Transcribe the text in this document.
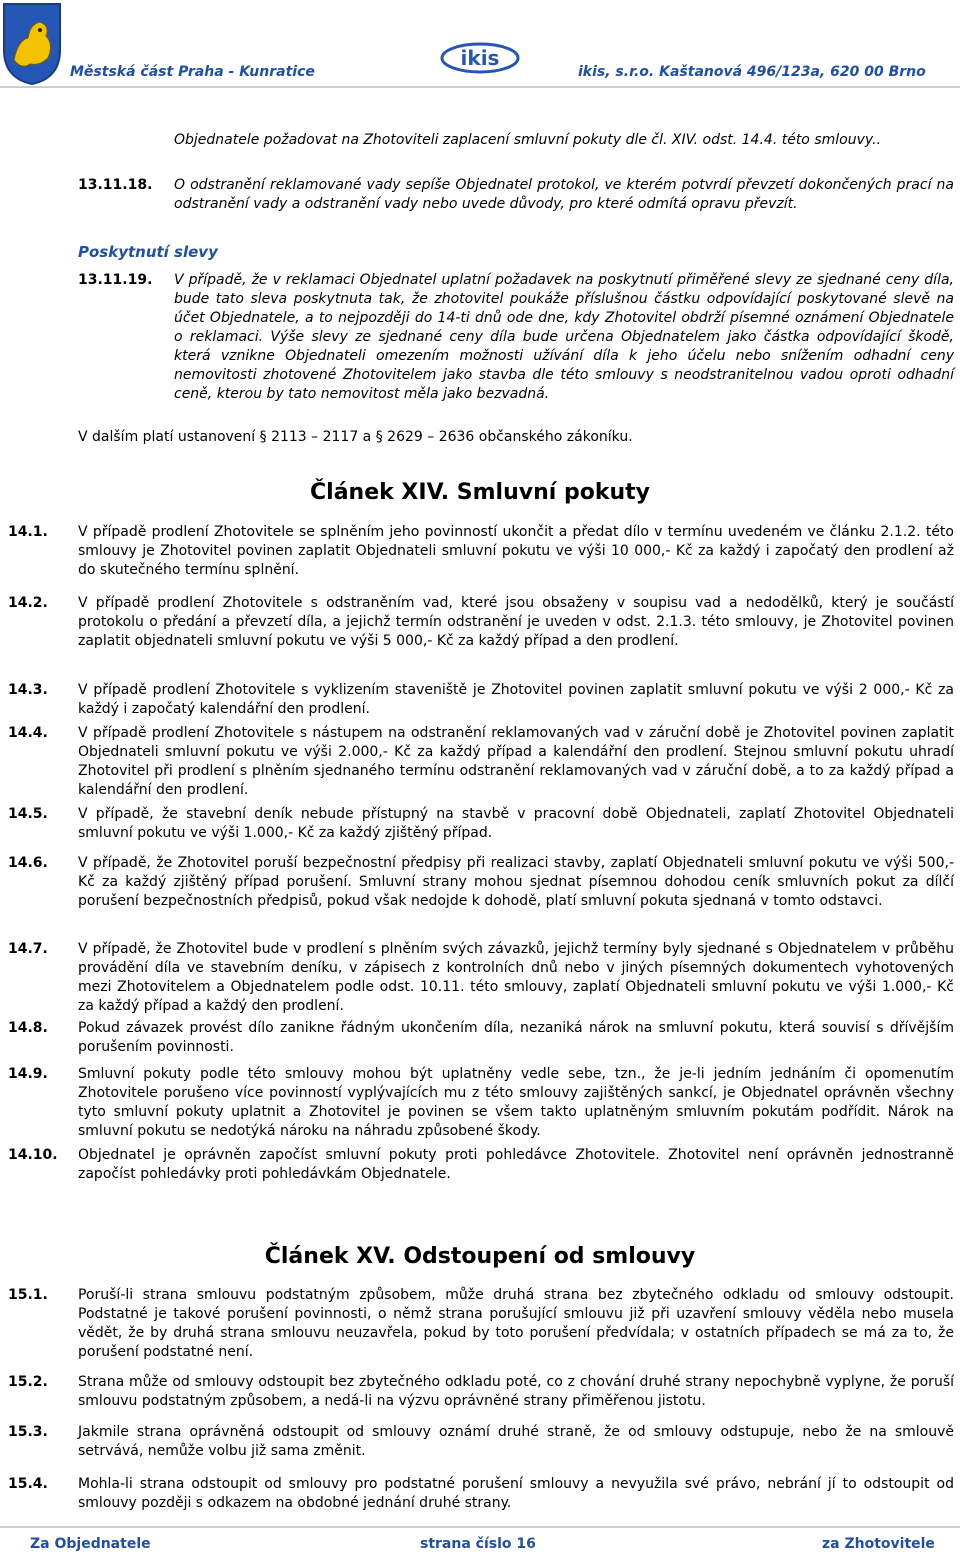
Městská část Praha - Kunratice
ikis
ikis, s.r.o. Kaštanová 496/123a, 620 00 Brno
Objednatele požadovat na Zhotoviteli zaplacení smluvní pokuty dle čl. XIV. odst. 14.4. této smlouvy..
13.11.18. O odstranění reklamované vady sepíše Objednatel protokol, ve kterém potvrdí převzetí dokončených prací na odstranění vady a odstranění vady nebo uvede důvody, pro které odmítá opravu převzít.
Poskytnutí slevy
13.11.19. V případě, že v reklamaci Objednatel uplatní požadavek na poskytnutí přiměřené slevy ze sjednané ceny díla, bude tato sleva poskytnuta tak, že zhotovitel poukáže příslušnou částku odpovídající poskytované slevě na účet Objednatele, a to nejpozději do 14-ti dnů ode dne, kdy Zhotovitel obdrží písemné oznámení Objednatele o reklamaci. Výše slevy ze sjednané ceny díla bude určena Objednatelem jako částka odpovídající škodě, která vznikne Objednateli omezením možnosti užívání díla k jeho účelu nebo snížením odhadní ceny nemovitosti zhotovené Zhotovitelem jako stavba dle této smlouvy s neodstranitelnou vadou oproti odhadní ceně, kterou by tato nemovitost měla jako bezvadná.
V dalším platí ustanovení § 2113 – 2117 a § 2629 – 2636 občanského zákoníku.
Článek XIV. Smluvní pokuty
14.1. V případě prodlení Zhotovitele se splněním jeho povinností ukončit a předat dílo v termínu uvedeném ve článku 2.1.2. této smlouvy je Zhotovitel povinen zaplatit Objednateli smluvní pokutu ve výši 10 000,- Kč za každý i započatý den prodlení až do skutečného termínu splnění.
14.2. V případě prodlení Zhotovitele s odstraněním vad, které jsou obsaženy v soupisu vad a nedodělků, který je součástí protokolu o předání a převzetí díla, a jejichž termín odstranění je uveden v odst. 2.1.3. této smlouvy, je Zhotovitel povinen zaplatit objednateli smluvní pokutu ve výši 5 000,- Kč za každý případ a den prodlení.
14.3. V případě prodlení Zhotovitele s vyklizením staveniště je Zhotovitel povinen zaplatit smluvní pokutu ve výši 2 000,- Kč za každý i započatý kalendářní den prodlení.
14.4. V případě prodlení Zhotovitele s nástupem na odstranění reklamovaných vad v záruční době je Zhotovitel povinen zaplatit Objednateli smluvní pokutu ve výši 2.000,- Kč za každý případ a kalendářní den prodlení. Stejnou smluvní pokutu uhradí Zhotovitel při prodlení s plněním sjednaného termínu odstranění reklamovaných vad v záruční době, a to za každý případ a kalendářní den prodlení.
14.5. V případě, že stavební deník nebude přístupný na stavbě v pracovní době Objednateli, zaplatí Zhotovitel Objednateli smluvní pokutu ve výši 1.000,- Kč za každý zjištěný případ.
14.6. V případě, že Zhotovitel poruší bezpečnostní předpisy při realizaci stavby, zaplatí Objednateli smluvní pokutu ve výši 500,- Kč za každý zjištěný případ porušení. Smluvní strany mohou sjednat písemnou dohodou ceník smluvních pokut za dílčí porušení bezpečnostních předpisů, pokud však nedojde k dohodě, platí smluvní pokuta sjednaná v tomto odstavci.
14.7. V případě, že Zhotovitel bude v prodlení s plněním svých závazků, jejichž termíny byly sjednané s Objednatelem v průběhu provádění díla ve stavebním deníku, v zápisech z kontrolních dnů nebo v jiných písemných dokumentech vyhotovených mezi Zhotovitelem a Objednatelem podle odst. 10.11. této smlouvy, zaplatí Objednateli smluvní pokutu ve výši 1.000,- Kč za každý případ a každý den prodlení.
14.8. Pokud závazek provést dílo zanikne řádným ukončením díla, nezaniká nárok na smluvní pokutu, která souvisí s dřívějším porušením povinnosti.
14.9. Smluvní pokuty podle této smlouvy mohou být uplatněny vedle sebe, tzn., že je-li jedním jednáním či opomenutím Zhotovitele porušeno více povinností vyplývajících mu z této smlouvy zajištěných sankcí, je Objednatel oprávněn všechny tyto smluvní pokuty uplatnit a Zhotovitel je povinen se všem takto uplatněným smluvním pokutám podřídit. Nárok na smluvní pokutu se nedotýká nároku na náhradu způsobené škody.
14.10. Objednatel je oprávněn započíst smluvní pokuty proti pohledávce Zhotovitele. Zhotovitel není oprávněn jednostranně započíst pohledávky proti pohledávkám Objednatele.
Článek XV. Odstoupení od smlouvy
15.1. Poruší-li strana smlouvu podstatným způsobem, může druhá strana bez zbytečného odkladu od smlouvy odstoupit. Podstatné je takové porušení povinnosti, o němž strana porušující smlouvu již při uzavření smlouvy věděla nebo musela vědět, že by druhá strana smlouvu neuzavřela, pokud by toto porušení předvídala; v ostatních případech se má za to, že porušení podstatné není.
15.2. Strana může od smlouvy odstoupit bez zbytečného odkladu poté, co z chování druhé strany nepochybně vyplyne, že poruší smlouvu podstatným způsobem, a nedá-li na výzvu oprávněné strany přiměřenou jistotu.
15.3. Jakmile strana oprávněná odstoupit od smlouvy oznámí druhé straně, že od smlouvy odstupuje, nebo že na smlouvě setrvává, nemůže volbu již sama změnit.
15.4. Mohla-li strana odstoupit od smlouvy pro podstatné porušení smlouvy a nevyužila své právo, nebrání jí to odstoupit od smlouvy později s odkazem na obdobné jednání druhé strany.
Za Objednatele	strana číslo 16	za Zhotovitele
